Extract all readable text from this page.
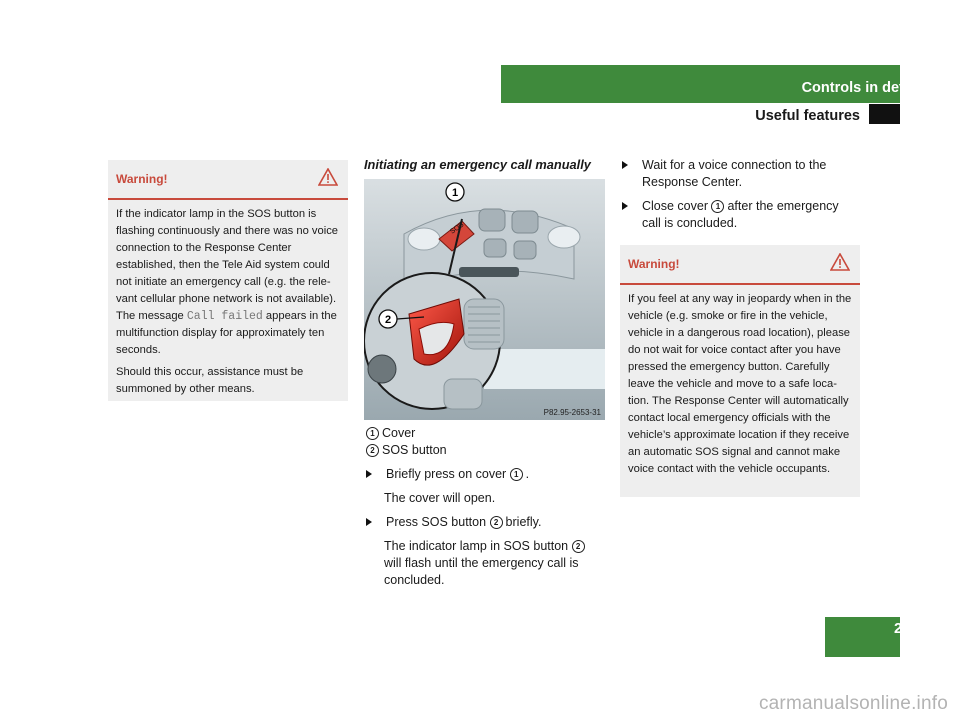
Controls in detail
Useful features
Warning!

If the indicator lamp in the SOS button is flashing continuously and there was no voice connection to the Response Center established, then the Tele Aid system could not initiate an emergency call (e.g. the rele-vant cellular phone network is not available). The message Call failed appears in the multifunction display for approximately ten seconds.

Should this occur, assistance must be summoned by other means.

Initiating an emergency call manually
SOS
1
2
P82.95-2653-31
1 Cover
2 SOS button
Briefly press on cover 1 .
The cover will open.
Press SOS button 2 briefly.
The indicator lamp in SOS button 2
will flash until the emergency call is
concluded.
Wait for a voice connection to the
Response Center.
Close cover 1 after the emergency
call is concluded.
Warning!

If you feel at any way in jeopardy when in the vehicle (e.g. smoke or fire in the vehicle, vehicle in a dangerous road location), please do not wait for voice contact after you have pressed the emergency button. Carefully leave the vehicle and move to a safe loca-tion. The Response Center will automatically contact local emergency officials with the vehicle’s approximate location if they receive an automatic SOS signal and cannot make voice contact with the vehicle occupants.

289
carmanualsonline.info
